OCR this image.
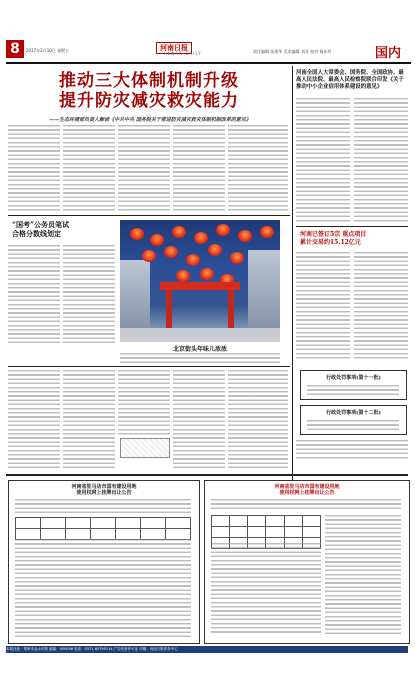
8	2017年2月10日 星期五	河南日报
HENAN DAILY	责任编辑 张建华 美术编辑 刘亚 校对 杨亦玲	国内
推动三大体制机制升级
提升防灾减灾救灾能力
——生态环境部负责人解读《中共中央 国务院关于推进防灾减灾救灾体制机制改革的意见》
河南全国人大常委会、国务院、全国政协、最高人民法院、最高人民检察院联合印发《关于推动中小企业信用体系建设的意见》
河南已签订5宗 重点项目
累计交易约15.12亿元
行政处罚事项(第十一批)
行政处罚事项(第十二批)
“国考”公务员笔试
合格分数线划定
北京街头年味儿浓浓
河南省驻马店市国有建设用地
使用权网上挂牌出让公告

河南省驻马店市国有建设用地
使用权网上挂牌出让公告

本报社址：郑州市金水东路 邮编：450046 电话：0371-65795114 广告经营许可证 印刷：河南日报印务中心
